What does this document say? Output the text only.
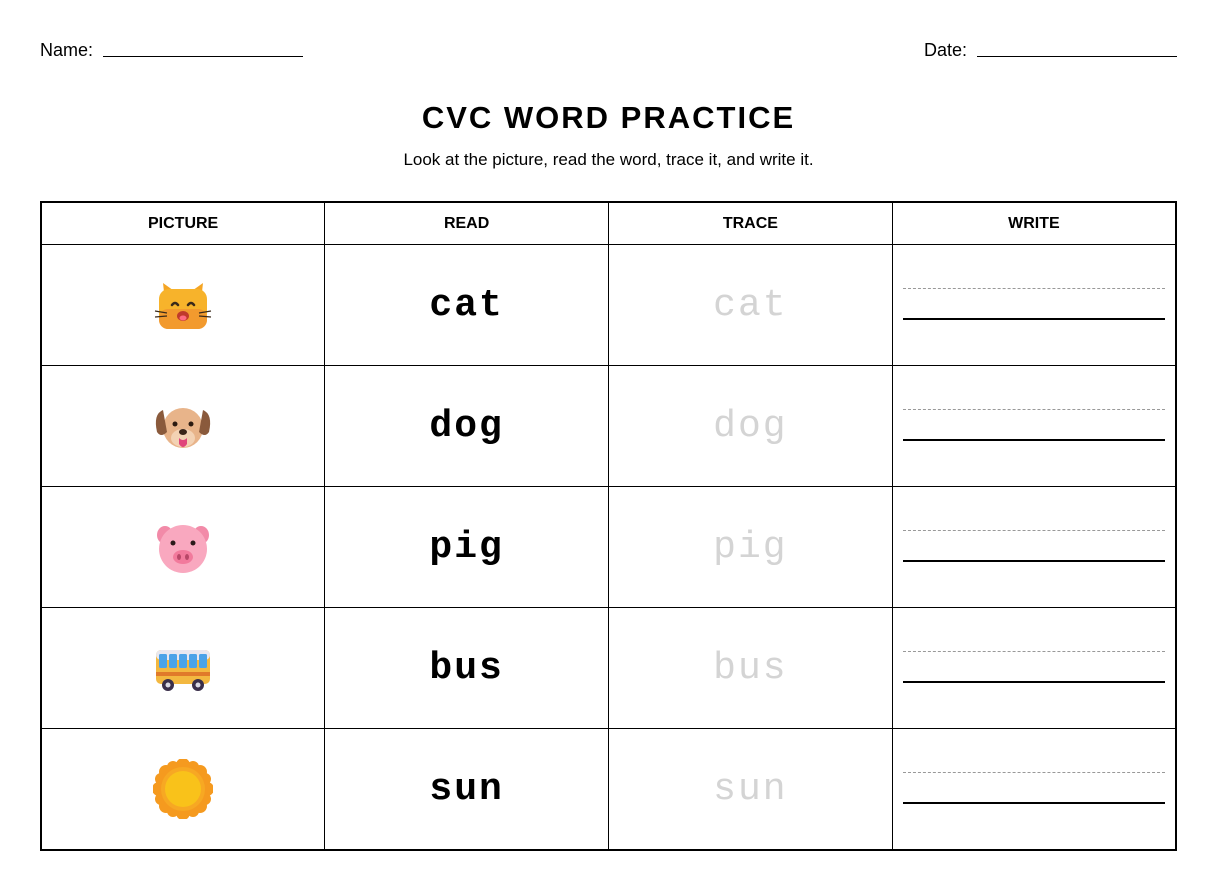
Name:	Date:
CVC WORD PRACTICE
Look at the picture, read the word, trace it, and write it.
PICTURE	READ	TRACE	WRITE

	cat	cat	

	dog	dog	

	pig	pig	

	bus	bus	

	sun	sun	
